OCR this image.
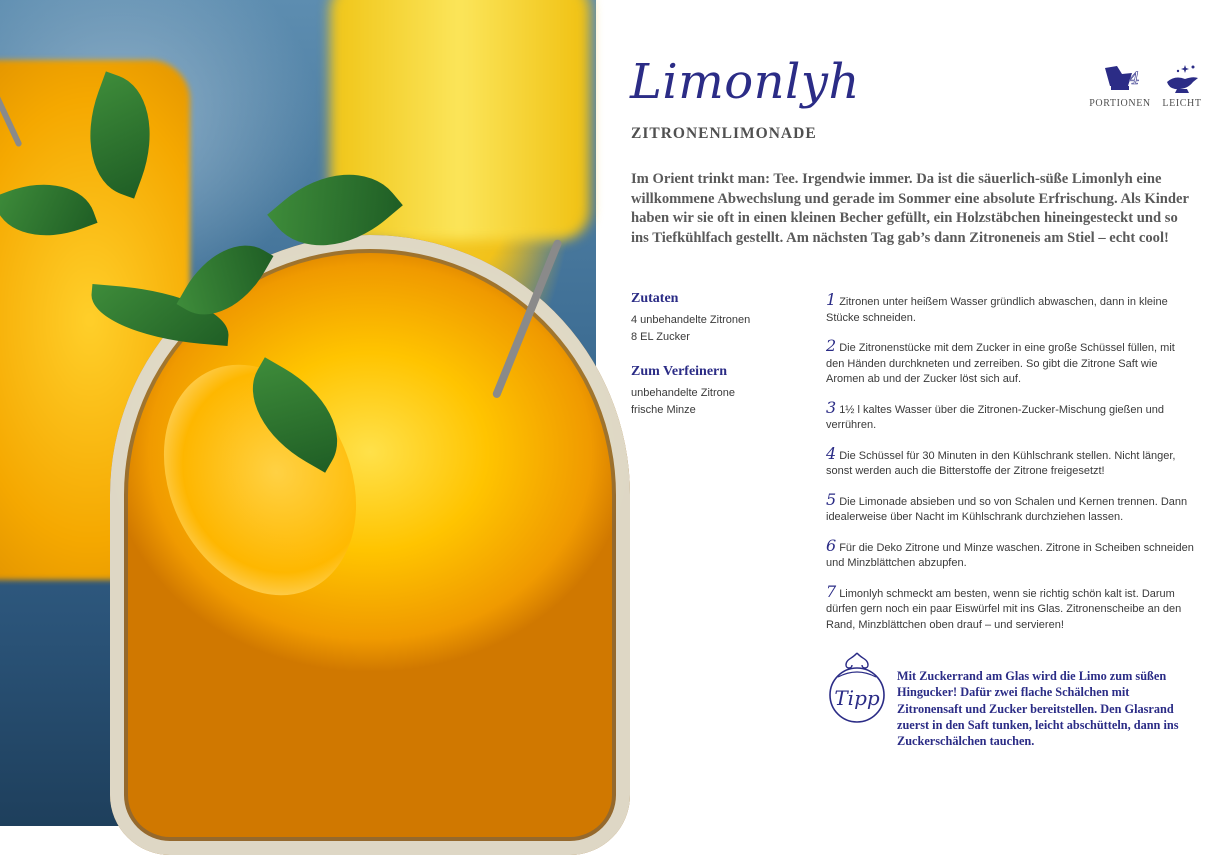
Limonlyh
ZITRONENLIMONADE
4
PORTIONEN	LEICHT

Im Orient trinkt man: Tee. Irgendwie immer. Da ist die säuerlich-süße Limonlyh eine willkommene Abwechslung und gerade im Sommer eine absolute Erfrischung. Als Kinder haben wir sie oft in einen kleinen Becher gefüllt, ein Holzstäbchen hineingesteckt und so ins Tiefkühlfach gestellt. Am nächsten Tag gab’s dann Zitroneneis am Stiel – echt cool!

Zutaten
4 unbehandelte Zitronen
8 EL Zucker
Zum Verfeinern
unbehandelte Zitrone
frische Minze
1 Zitronen unter heißem Wasser gründlich abwaschen, dann in kleine Stücke schneiden.
2 Die Zitronenstücke mit dem Zucker in eine große Schüssel füllen, mit den Händen durchkneten und zerreiben. So gibt die Zitrone Saft wie Aromen ab und der Zucker löst sich auf.
3 1½ l kaltes Wasser über die Zitronen-Zucker-Mischung gießen und verrühren.
4 Die Schüssel für 30 Minuten in den Kühlschrank stellen. Nicht länger, sonst werden auch die Bitterstoffe der Zitrone freigesetzt!
5 Die Limonade absieben und so von Schalen und Kernen trennen. Dann idealerweise über Nacht im Kühlschrank durchziehen lassen.
6 Für die Deko Zitrone und Minze waschen. Zitrone in Scheiben schneiden und Minzblättchen abzupfen.
7 Limonlyh schmeckt am besten, wenn sie richtig schön kalt ist. Darum dürfen gern noch ein paar Eiswürfel mit ins Glas. Zitronenscheibe an den Rand, Minzblättchen oben drauf – und servieren!
Tipp

Mit Zuckerrand am Glas wird die Limo zum süßen Hingucker! Dafür zwei flache Schälchen mit Zitronensaft und Zucker bereitstellen. Den Glasrand zuerst in den Saft tunken, leicht abschütteln, dann ins Zuckerschälchen tauchen.
